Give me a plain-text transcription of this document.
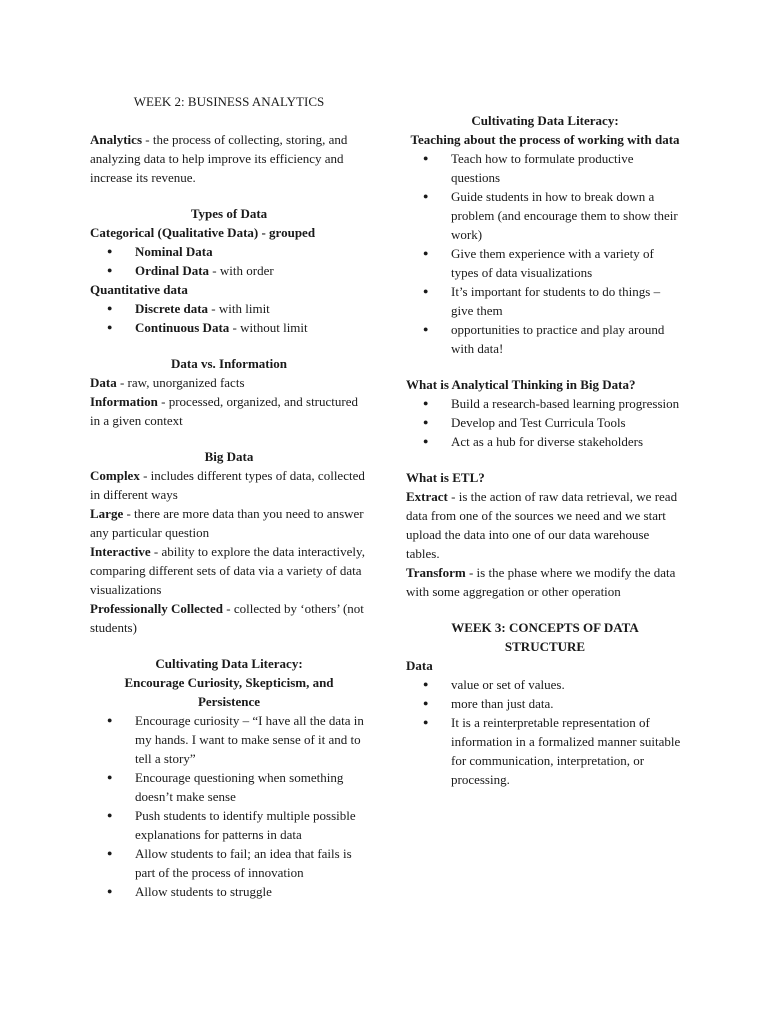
WEEK 2: BUSINESS ANALYTICS

Analytics - the process of collecting, storing, and analyzing data to help improve its efficiency and increase its revenue.

Types of Data
Categorical (Qualitative Data) - grouped
● Nominal Data
● Ordinal Data - with order
Quantitative data
● Discrete data - with limit
● Continuous Data - without limit
Data vs. Information

Data - raw, unorganized facts

Information - processed, organized, and structured in a given context

Big Data

Complex - includes different types of data, collected in different ways

Large - there are more data than you need to answer any particular question

Interactive - ability to explore the data interactively, comparing different sets of data via a variety of data visualizations

Professionally Collected - collected by ‘others’ (not students)

Cultivating Data Literacy:
Encourage Curiosity, Skepticism, and Persistence
● Encourage curiosity – “I have all the data in my hands. I want to make sense of it and to tell a story”
● Encourage questioning when something doesn’t make sense
● Push students to identify multiple possible explanations for patterns in data
● Allow students to fail; an idea that fails is part of the process of innovation
● Allow students to struggle
Cultivating Data Literacy:
Teaching about the process of working with data
● Teach how to formulate productive questions
● Guide students in how to break down a problem (and encourage them to show their work)
● Give them experience with a variety of types of data visualizations
● It’s important for students to do things – give them
● opportunities to practice and play around with data!
What is Analytical Thinking in Big Data?
● Build a research-based learning progression
● Develop and Test Curricula Tools
● Act as a hub for diverse stakeholders
What is ETL?

Extract - is the action of raw data retrieval, we read data from one of the sources we need and we start upload the data into one of our data warehouse tables.

Transform - is the phase where we modify the data with some aggregation or other operation

WEEK 3: CONCEPTS OF DATA STRUCTURE
Data
● value or set of values.
● more than just data.
● It is a reinterpretable representation of information in a formalized manner suitable for communication, interpretation, or processing.
